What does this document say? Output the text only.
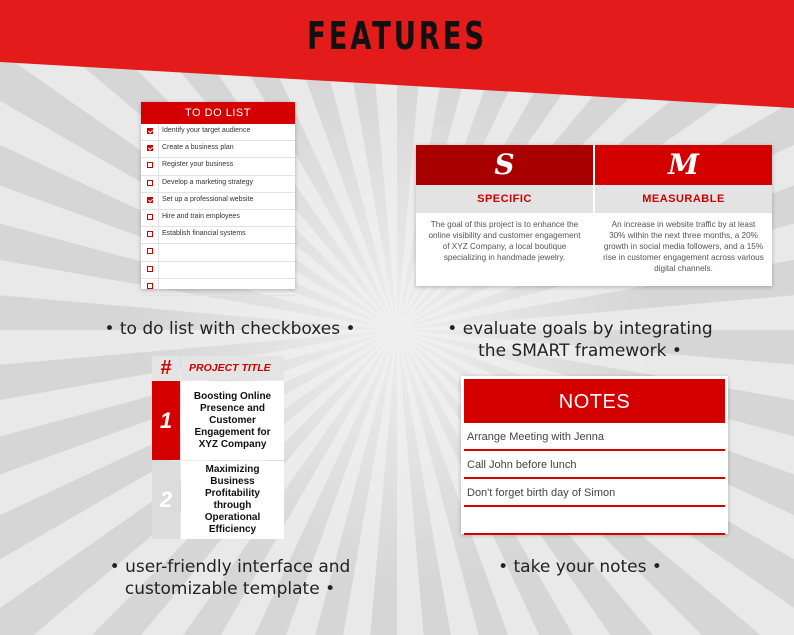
FEATURES
TO DO LIST
Identify your target audience
Create a business plan
Register your business
Develop a marketing strategy
Set up a professional website
Hire and train employees
Establish financial systems
S
SPECIFIC
The goal of this project is to enhance the online visibility and customer engagement of XYZ Company, a local boutique specializing in handmade jewelry.
M
MEASURABLE
An increase in website traffic by at least 30% within the next three months, a 20% growth in social media followers, and a 15% rise in customer engagement across various digital channels.
#	PROJECT TITLE
1
Boosting Online Presence and Customer Engagement for XYZ Company
2
Maximizing Business Profitability through Operational Efficiency
NOTES
Arrange Meeting with Jenna
Call John before lunch
Don't forget birth day of Simon
• to do list with checkboxes •	• evaluate goals by integrating
the SMART framework •
• user-friendly interface and
customizable template •
• take your notes •
